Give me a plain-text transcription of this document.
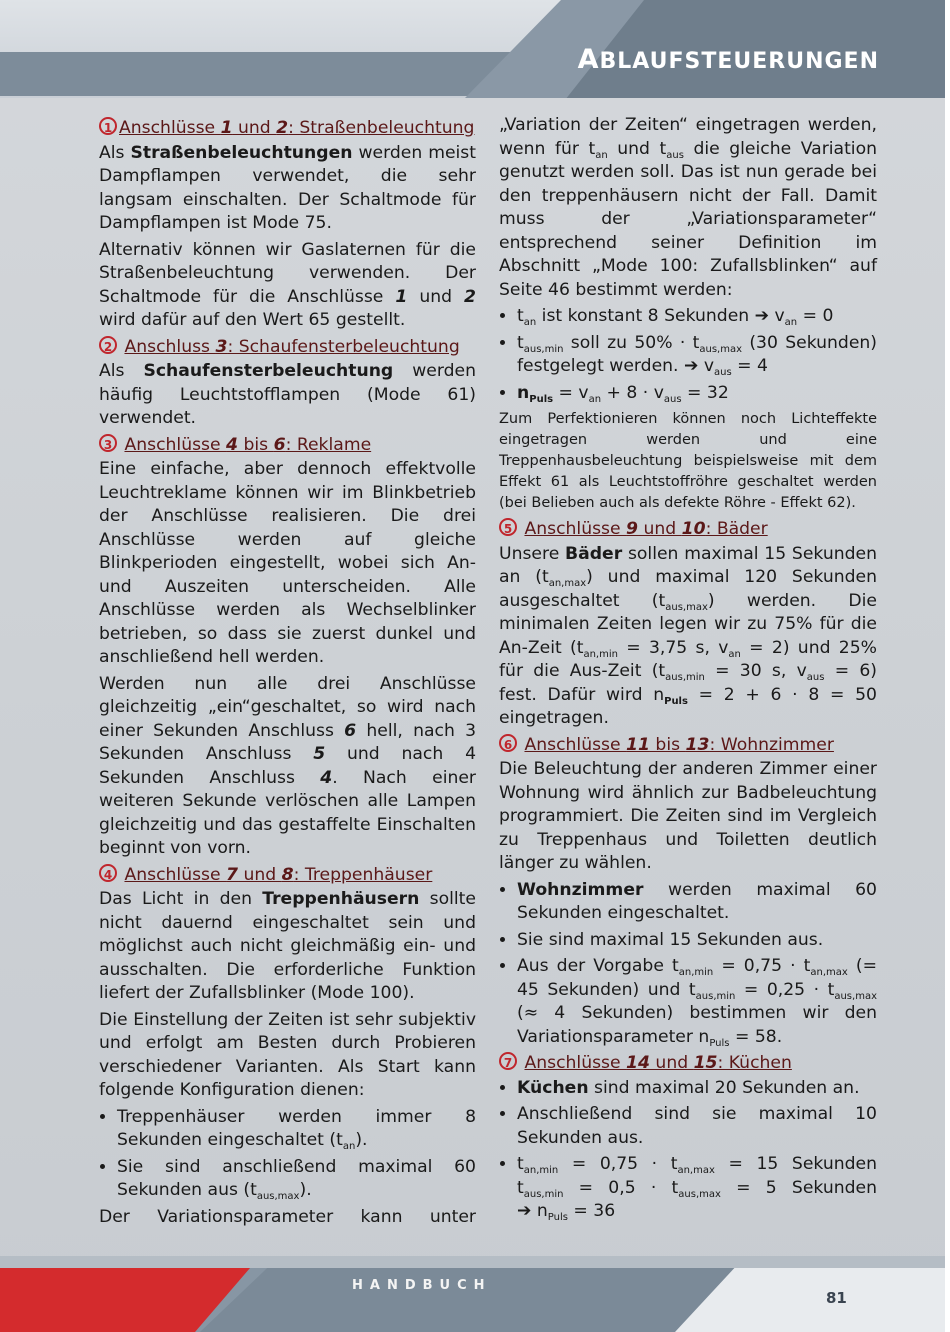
ABLAUFSTEUERUNGEN
1 Anschlüsse 1 und 2: Straßenbeleuchtung

Als Straßenbeleuchtungen werden meist Dampflampen verwendet, die sehr langsam einschalten. Der Schaltmode für Dampflampen ist Mode 75.

Alternativ können wir Gaslaternen für die Straßenbeleuchtung verwenden. Der Schaltmode für die Anschlüsse 1 und 2 wird dafür auf den Wert 65 gestellt.

2 Anschluss 3: Schaufensterbeleuchtung

Als Schaufensterbeleuchtung werden häufig Leuchtstofflampen (Mode 61) verwendet.

3 Anschlüsse 4 bis 6: Reklame

Eine einfache, aber dennoch effektvolle Leuchtreklame können wir im Blinkbetrieb der Anschlüsse realisieren. Die drei Anschlüsse werden auf gleiche Blinkperioden eingestellt, wobei sich An- und Auszeiten unterscheiden. Alle Anschlüsse werden als Wechselblinker betrieben, so dass sie zuerst dunkel und anschließend hell werden.

Werden nun alle drei Anschlüsse gleichzeitig „ein“geschaltet, so wird nach einer Sekunden Anschluss 6 hell, nach 3 Sekunden Anschluss 5 und nach 4 Sekunden Anschluss 4. Nach einer weiteren Sekunde verlöschen alle Lampen gleichzeitig und das gestaffelte Einschalten beginnt von vorn.

4 Anschlüsse 7 und 8: Treppenhäuser

Das Licht in den Treppenhäusern sollte nicht dauernd eingeschaltet sein und möglichst auch nicht gleichmäßig ein- und ausschalten. Die erforderliche Funktion liefert der Zufallsblinker (Mode 100).

Die Einstellung der Zeiten ist sehr subjektiv und erfolgt am Besten durch Probieren verschiedener Varianten. Als Start kann folgende Konfiguration dienen:

• Treppenhäuser werden immer 8 Sekunden eingeschaltet $(t_{an})$.
• Sie sind anschließend maximal 60 Sekunden aus $(t_{aus,max})$.

Der Variationsparameter kann unter

„Variation der Zeiten“ eingetragen werden, wenn für $t_{an}$ und $t_{aus}$ die gleiche Variation genutzt werden soll. Das ist nun gerade bei den treppenhäusern nicht der Fall. Damit muss der „Variationsparameter“ entsprechend seiner Definition im Abschnitt „Mode 100: Zufallsblinken“ auf Seite 46 bestimmt werden:

• $t_{an}$ ist konstant 8 Sekunden ➔ $v_{an} = 0$
• $t_{aus,min}$ soll zu $50\% \cdot t_{aus,max}$ (30 Sekunden) festgelegt werden. ➔ $v_{aus} = 4$
• $n_{Puls} = v_{an} + 8 \cdot v_{aus} = 32$

Zum Perfektionieren können noch Lichteffekte eingetragen werden und eine Treppenhausbeleuchtung beispielsweise mit dem Effekt 61 als Leuchtstoffröhre geschaltet werden (bei Belieben auch als defekte Röhre - Effekt 62).

5 Anschlüsse 9 und 10: Bäder

Unsere Bäder sollen maximal 15 Sekunden an $(t_{an,max})$ und maximal 120 Sekunden ausgeschaltet $(t_{aus,max})$ werden. Die minimalen Zeiten legen wir zu 75% für die An-Zeit ($t_{an,min} = 3,75$ s, $v_{an} = 2$) und 25% für die Aus-Zeit ($t_{aus,min} = 30$ s, $v_{aus} = 6$) fest. Dafür wird $n_{Puls} = 2 + 6 \cdot 8 = 50$ eingetragen.

6 Anschlüsse 11 bis 13: Wohnzimmer

Die Beleuchtung der anderen Zimmer einer Wohnung wird ähnlich zur Badbeleuchtung programmiert. Die Zeiten sind im Vergleich zu Treppenhaus und Toiletten deutlich länger zu wählen.

• Wohnzimmer werden maximal 60 Sekunden eingeschaltet.
• Sie sind maximal 15 Sekunden aus.
• Aus der Vorgabe $t_{an,min} = 0,75 \cdot t_{an,max}$ (= 45 Sekunden) und $t_{aus,min} = 0,25 \cdot t_{aus,max}$ (≈ 4 Sekunden) bestimmen wir den Variationsparameter $n_{Puls} = 58$.
7 Anschlüsse 14 und 15: Küchen
• Küchen sind maximal 20 Sekunden an.
• Anschließend sind sie maximal 10 Sekunden aus.
• $t_{an,min} = 0,75 \cdot t_{an,max} = 15$ Sekunden
$t_{aus,min} = 0,5 \cdot t_{aus,max} = 5$ Sekunden
➔ $n_{Puls} = 36$
HANDBUCH
81
